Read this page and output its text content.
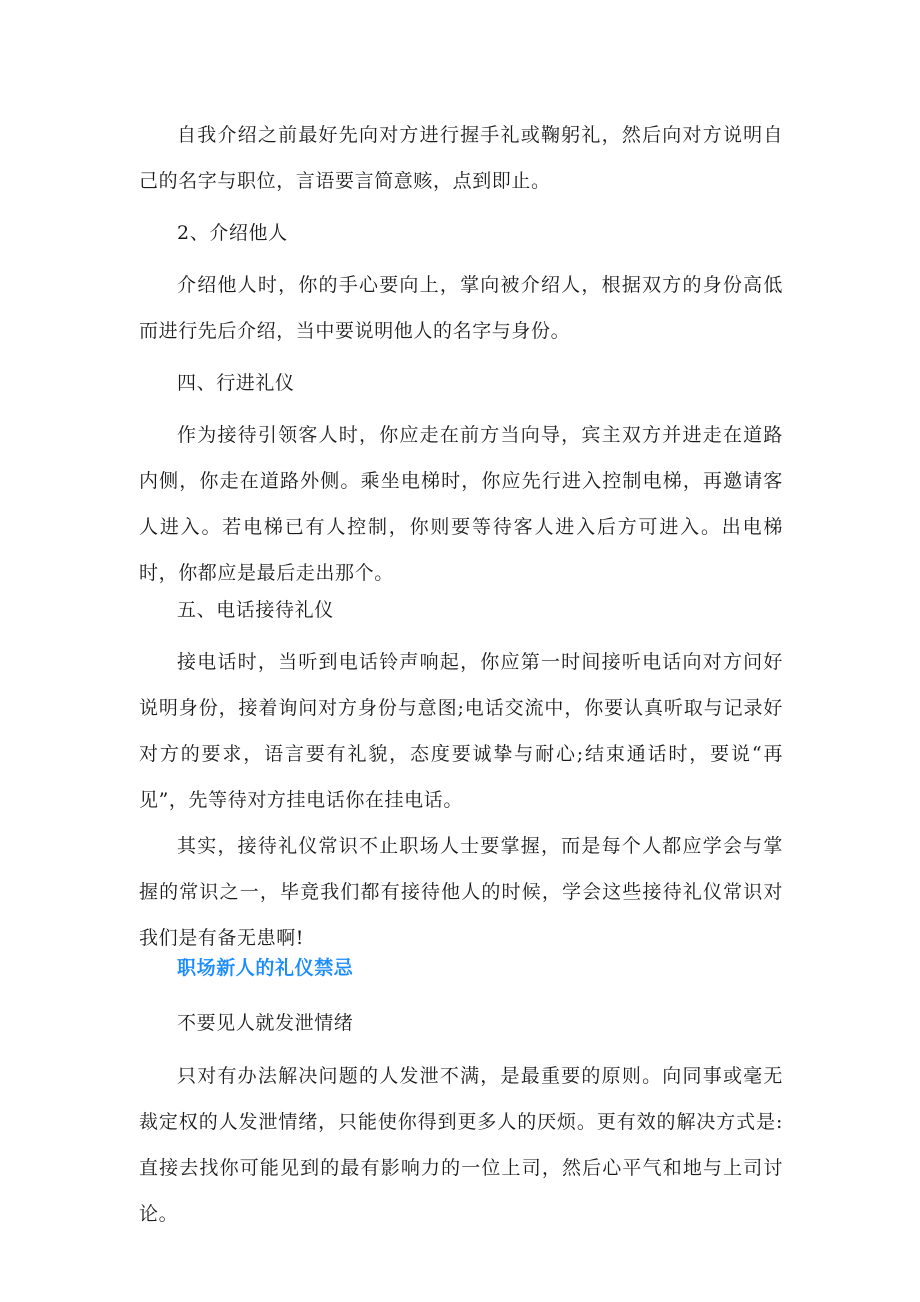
自我介绍之前最好先向对方进行握手礼或鞠躬礼，然后向对方说明自己的名字与职位，言语要言简意赅，点到即止。

2、介绍他人

介绍他人时，你的手心要向上，掌向被介绍人，根据双方的身份高低而进行先后介绍，当中要说明他人的名字与身份。

四、行进礼仪

作为接待引领客人时，你应走在前方当向导，宾主双方并进走在道路内侧，你走在道路外侧。乘坐电梯时，你应先行进入控制电梯，再邀请客人进入。若电梯已有人控制，你则要等待客人进入后方可进入。出电梯时，你都应是最后走出那个。

五、电话接待礼仪

接电话时，当听到电话铃声响起，你应第一时间接听电话向对方问好说明身份，接着询问对方身份与意图;电话交流中，你要认真听取与记录好对方的要求，语言要有礼貌，态度要诚挚与耐心;结束通话时，要说“再见”，先等待对方挂电话你在挂电话。

其实，接待礼仪常识不止职场人士要掌握，而是每个人都应学会与掌握的常识之一，毕竟我们都有接待他人的时候，学会这些接待礼仪常识对我们是有备无患啊!

职场新人的礼仪禁忌
不要见人就发泄情绪

只对有办法解决问题的人发泄不满，是最重要的原则。向同事或毫无裁定权的人发泄情绪，只能使你得到更多人的厌烦。更有效的解决方式是: 直接去找你可能见到的最有影响力的一位上司，然后心平气和地与上司讨论。
